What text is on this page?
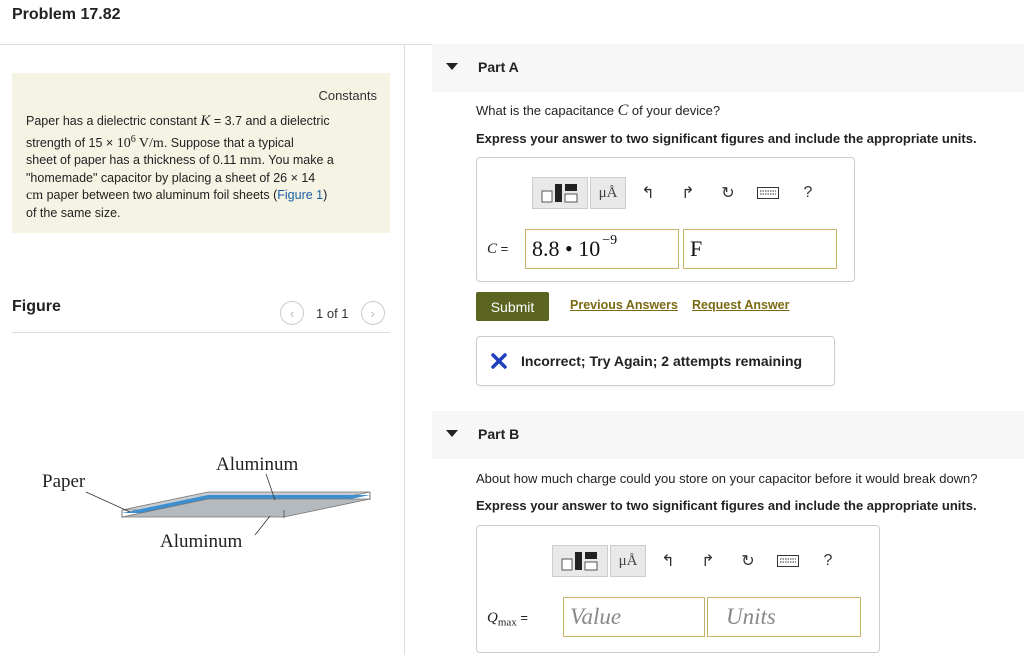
Problem 17.82
Constants
Paper has a dielectric constant K = 3.7 and a dielectric
strength of $15 \times 10^6$ V/m. Suppose that a typical
sheet of paper has a thickness of 0.11 mm. You make a
"homemade" capacitor by placing a sheet of 26 × 14
cm paper between two aluminum foil sheets (Figure 1)
of the same size.
Figure	‹	1 of 1	›
Aluminum
Paper
Aluminum
Part A
What is the capacitance C of your device?
Express your answer to two significant figures and include the appropriate units.
μÅ	↰	↱	↻	?
C = 8.8 • $10^{-9}$	F
Submit	Previous Answers Request Answer
Incorrect; Try Again; 2 attempts remaining
Part B
About how much charge could you store on your capacitor before it would break down?
Express your answer to two significant figures and include the appropriate units.
μÅ	↰	↱	↻	?
$Q_{max}$ =	Value	Units
